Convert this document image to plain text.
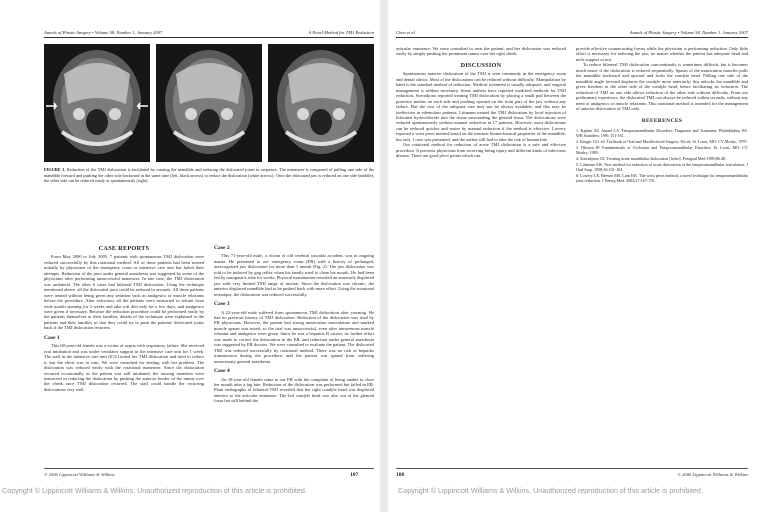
Annals of Plastic Surgery • Volume 58, Number 1, January 2007	A Novel Method for TMJ Reduction
FIGURE 3. Reduction of the TMJ dislocation is facilitated by rotating the mandible and reducing the dislocated joints in sequence. The maneuver is composed of pulling one side of the mandible forward and pushing the other side backward in the same time (left, black arrows) to reduce the dislocation (white arrows). Once the dislocated jaw is reduced on one side (middle), the other side can be reduced easily or spontaneously (right).
CASE REPORTS

From May 2000 to July 2005, 7 patients with spontaneous TMJ dislocation were reduced successfully by this rotational method. All of these patients had been treated initially by physicians of the emergency room or intensive care unit but failed their attempts. Reduction of the jaws under general anesthesia was suggested by some of the physicians after performing unsuccessful maneuver. In one case, the TMJ dislocation was unilateral. The other 6 cases had bilateral TMJ dislocation. Using the technique mentioned above, all the dislocated jaws could be reduced in seconds. All these patients were treated without being given any sedation such as analgesics or muscle relaxants before the procedure. After reduction, all the patients were instructed to refrain from wide mouth opening for 3 weeks and take soft diet only for a few days, and analgesics were given if necessary. Because the reduction procedure could be performed easily by the patients themselves or their families, details of the technique were explained to the patients and their families so that they could try to push the patients' dislocated joints back if the TMJ dislocation recurred.

Case 1

This 68-year-old female was a victim of sepsis with respiratory failure. She received oral intubation and was under ventilator support in the intensive care unit for 1 week. The staff in the intensive care unit (ICU) noted her TMJ dislocation and tried to reduce it, but the effort was in vain. We were consulted for dealing with her problem. The dislocation was reduced easily with the rotational maneuver. Since the dislocation recurred occasionally as the patient was still intubated, the nursing members were instructed in reducing the dislocation by pushing the anterior border of the ramus over the cheek once TMJ dislocation recurred. The staff could handle the recurring dislocations very well.

Case 2

This 71-year-old male, a victim of old cerebral vascular accident, was in ongoing mania. He presented to our emergency room (ER) with a history of prolonged, unrecognized jaw dislocation for more than 1 month (Fig. 2). The jaw dislocation was told to be induced by gag reflex when his family tried to clean his mouth. He had been fed by nasogastric tube for weeks. Physical examination revealed an anteriorly displaced jaw with very limited TMJ range of motion. Since the dislocation was chronic, the anterior displaced mandible had to be pushed back with more effort. Using the rotational technique, the dislocation was reduced successfully.

Case 3

A 22-year-old male suffered from spontaneous TMJ dislocation after yawning. He had no previous history of TMJ dislocation. Reduction of the dislocation was tried by ER physicians. However, the patient had strong mastication musculature and marked muscle spasm was noted, so the trial was unsuccessful, even after intravenous muscle relaxant and analgesics were given. Since he was a hepatitis B carrier, no further effort was made to correct the dislocation in the ER, and reduction under general anesthesia was suggested by ER doctors. We were consulted to evaluate the patient. The dislocated TMJ was reduced successfully by rotational method. There was no risk of hepatitis transmission during the procedure, and the patient was spared from suffering unnecessary general anesthesia.

Case 4

An 18-year-old female came to our ER with the complaint of being unable to close her mouth after a big bite. Reduction of the dislocation was performed but failed in ER. Plain radiographs of bilateral TMJ revealed that her right condyle head was displaced anterior to the articular eminence. The left condyle head was also out of the glenoid fossa but still behind the

© 2006 Lippincott Williams & Wilkins	107
Copyright © Lippincott Williams & Wilkins. Unauthorized reproduction of this article is prohibited.
Chen et al	Annals of Plastic Surgery • Volume 58, Number 1, January 2007

articular eminence. We were consulted to treat the patient, and her dislocation was reduced easily by simply pushing the prominent ramus over her right cheek.

DISCUSSION

Spontaneous anterior dislocation of the TMJ is seen commonly in the emergency room and dental clinics. Most of the dislocations can be reduced without difficulty. Manipulation by hand is the standard method of reduction. Medical treatment is usually adequate, and surgical management is seldom necessary. Some authors have reported modified methods for TMJ reduction. Soeradjono reported treating TMJ dislocation by placing a small pad between the posterior molars on each side and pushing upward on the front part of the jaw without any failure. But the cost of the adequate size may not be always available, and this may be ineffective in edentulous patients. Littmann treated the TMJ dislocation by local injection of lidocaine hydrochloride into the tissue surrounding the glenoid fossa. The dislocations were reduced spontaneously without manual reduction in 17 patients. However, most dislocations can be reduced quicker and easier by manual reduction if the method is effective. Lowery reported a wrist pivot method based on the intrinsic biomechanical properties of the mandible, but only 1 case was presented, and the author still had to take the risk of human bite.

Our rotational method for reduction of acute TMJ dislocation is a safe and effective procedure. It prevents physicians from receiving biting injury and different kinds of infectious disease. There are good pivot points which can

provide effective counteracting forces while the physician is performing reduction. Only little effort is necessary for reducing the jaw, no matter whether the patient has adequate head and neck support or not.

To reduce bilateral TMJ dislocation concomitantly is sometimes difficult, but it becomes much easier if the dislocation is reduced sequentially. Spasm of the mastication muscles pulls the mandible backward and upward and locks the condyle head. Pulling one side of the mandible anglе forward displaces the condyle more anteriorly; this unlocks the mandible and gives freedom to the other side of the condyle head, hence facilitating its reduction. The reduction of TMJ on one side allows reduction of the other side without difficulty. From our preliminary experience, the dislocated TMJ can always be reduced within seconds, without any need of analgesics or muscle relaxants. This rotational method is intended for the management of anterior dislocation of TMJ only.

REFERENCES
1. Kaplan AS, Assael LA. Temporomandibular Disorders: Diagnosis and Treatment. Philadelphia, PA: WB Saunders; 1991:151-161.
2. Kruger GO, ed. Textbook of Oral and Maxillofacial Surgery. 5th ed. St. Louis, MO: CV Mosby; 1979.
3. Okeson JP. Fundamentals of Occlusion and Temporomandibular Disorders. St. Louis, MO: CV Mosby; 1985.
4. Soeradjono OJ. Treating acute mandibular dislocation [letter]. Postgrad Med 1989;86:48.
5. Littmann SW. New method for reduction of acute dislocation of the temporomandibular articulation. J Oral Surg. 1958;16:101-104.
6. Lowery LE, Beeson MS, Lum KK. The wrist pivot method, a novel technique for temporomandibular joint reduction. J Emerg Med. 2004;27:167-170.
108	© 2006 Lippincott Williams & Wilkins
Copyright © Lippincott Williams & Wilkins. Unauthorized reproduction of this article is prohibited.
